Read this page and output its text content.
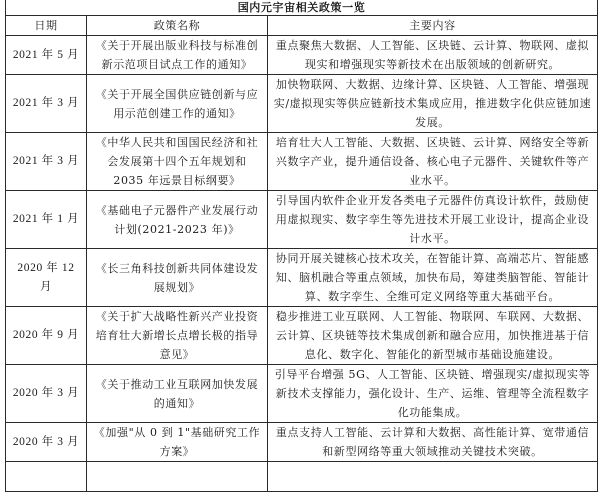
国内元宇宙相关政策一览		
日期	政策名称	主要内容
2021 年 5 月	《关于开展出版业科技与标准创新示范项目试点工作的通知》	重点聚焦大数据、人工智能、区块链、云计算、物联网、虚拟现实和增强现实等新技术在出版领域的创新研究。
2021 年 3 月	《关于开展全国供应链创新与应用示范创建工作的通知》	加快物联网、大数据、边缘计算、区块链、人工智能、增强现实/虚拟现实等供应链新技术集成应用，推进数字化供应链加速发展。
2021 年 3 月	《中华人民共和国国民经济和社会发展第十四个五年规划和 2035 年远景目标纲要》	培育壮大人工智能、大数据、区块链、云计算、网络安全等新兴数字产业，提升通信设备、核心电子元器件、关键软件等产业水平。
2021 年 1 月	《基础电子元器件产业发展行动计划(2021-2023 年)》	引导国内软件企业开发各类电子元器件仿真设计软件，鼓励使用虚拟现实、数字孪生等先进技术开展工业设计，提高企业设计水平。
2020 年 12 月	《长三角科技创新共同体建设发展规划》	协同开展关键核心技术攻关，在智能计算、高端芯片、智能感知、脑机融合等重点领域，加快布局，筹建类脑智能、智能计算、数字孪生、全维可定义网络等重大基础平台。
2020 年 9 月	《关于扩大战略性新兴产业投资培育壮大新增长点增长极的指导意见》	稳步推进工业互联网、人工智能、物联网、车联网、大数据、云计算、区块链等技术集成创新和融合应用，加快推进基于信息化、数字化、智能化的新型城市基础设施建设。
2020 年 3 月	《关于推动工业互联网加快发展的通知》	引导平台增强 5G、人工智能、区块链、增强现实/虚拟现实等新技术支撑能力，强化设计、生产、运维、管理等全流程数字化功能集成。
2020 年 3 月	《加强"从 0 到 1"基础研究工作方案》	重点支持人工智能、云计算和大数据、高性能计算、宽带通信和新型网络等重大领域推动关键技术突破。
